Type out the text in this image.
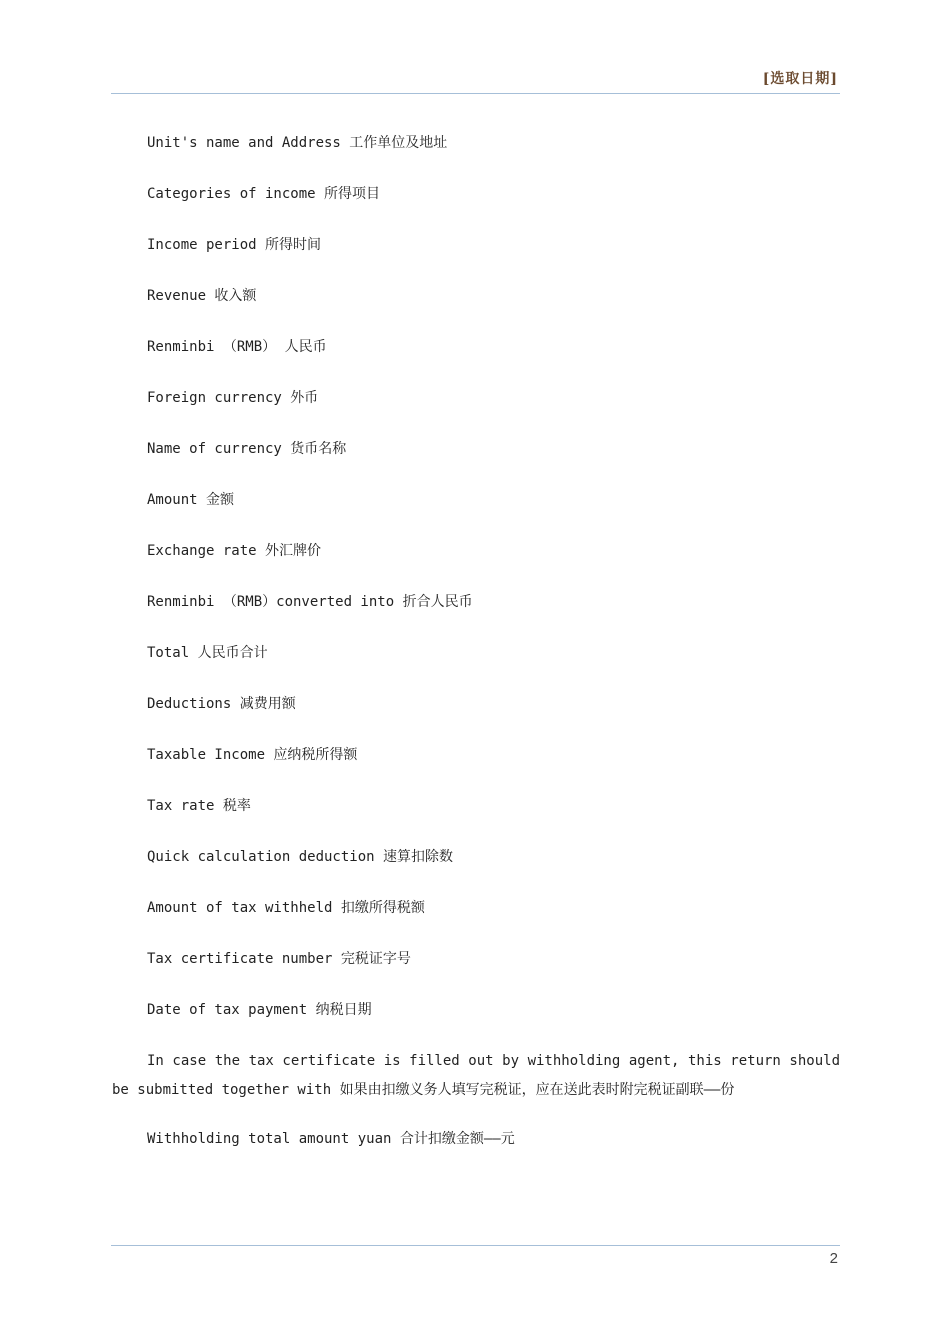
[选取日期]
Unit's name and Address 工作单位及地址
Categories of income 所得项目
Income period 所得时间
Revenue 收入额
Renminbi （RMB） 人民币
Foreign currency 外币
Name of currency 货币名称
Amount 金额
Exchange rate 外汇牌价
Renminbi （RMB）converted into 折合人民币
Total 人民币合计
Deductions 减费用额
Taxable Income 应纳税所得额
Tax rate 税率
Quick calculation deduction 速算扣除数
Amount of tax withheld 扣缴所得税额
Tax certificate number 完税证字号
Date of tax payment 纳税日期
In case the tax certificate is filled out by withholding agent, this return should be submitted together with 如果由扣缴义务人填写完税证，应在送此表时附完税证副联——份
Withholding total amount yuan 合计扣缴金额——元
2
